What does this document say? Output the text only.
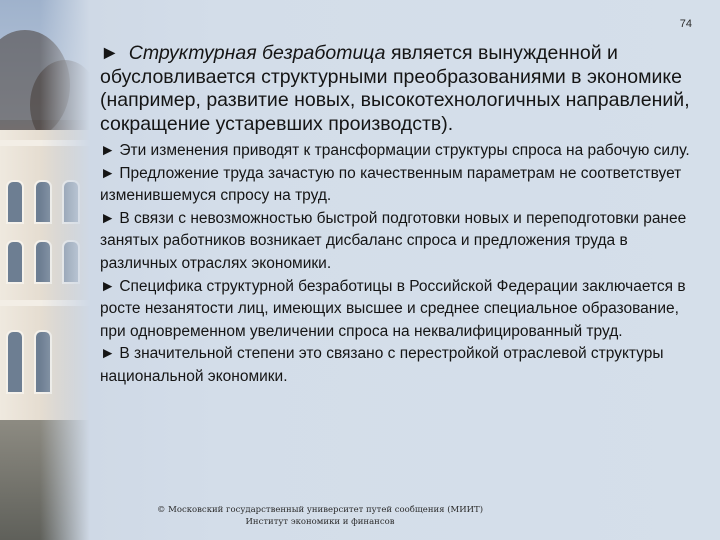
74

► Структурная безработица является вынужденной и обусловливается структурными преобразованиями в экономике (например, развитие новых, высокотехнологичных направлений, сокращение устаревших производств).

► Эти изменения приводят к трансформации структуры спроса на рабочую силу.

► Предложение труда зачастую по качественным параметрам не соответствует изменившемуся спросу на труд.

► В связи с невозможностью быстрой подготовки новых и переподготовки ранее занятых работников возникает дисбаланс спроса и предложения труда в различных отраслях экономики.

► Специфика структурной безработицы в Российской Федерации заключается в росте незанятости лиц, имеющих высшее и среднее специальное образование, при одновременном увеличении спроса на неквалифицированный труд.

► В значительной степени это связано с перестройкой отраслевой структуры национальной экономики.

© Московский государственный университет путей сообщения (МИИТ)
Институт экономики и финансов
